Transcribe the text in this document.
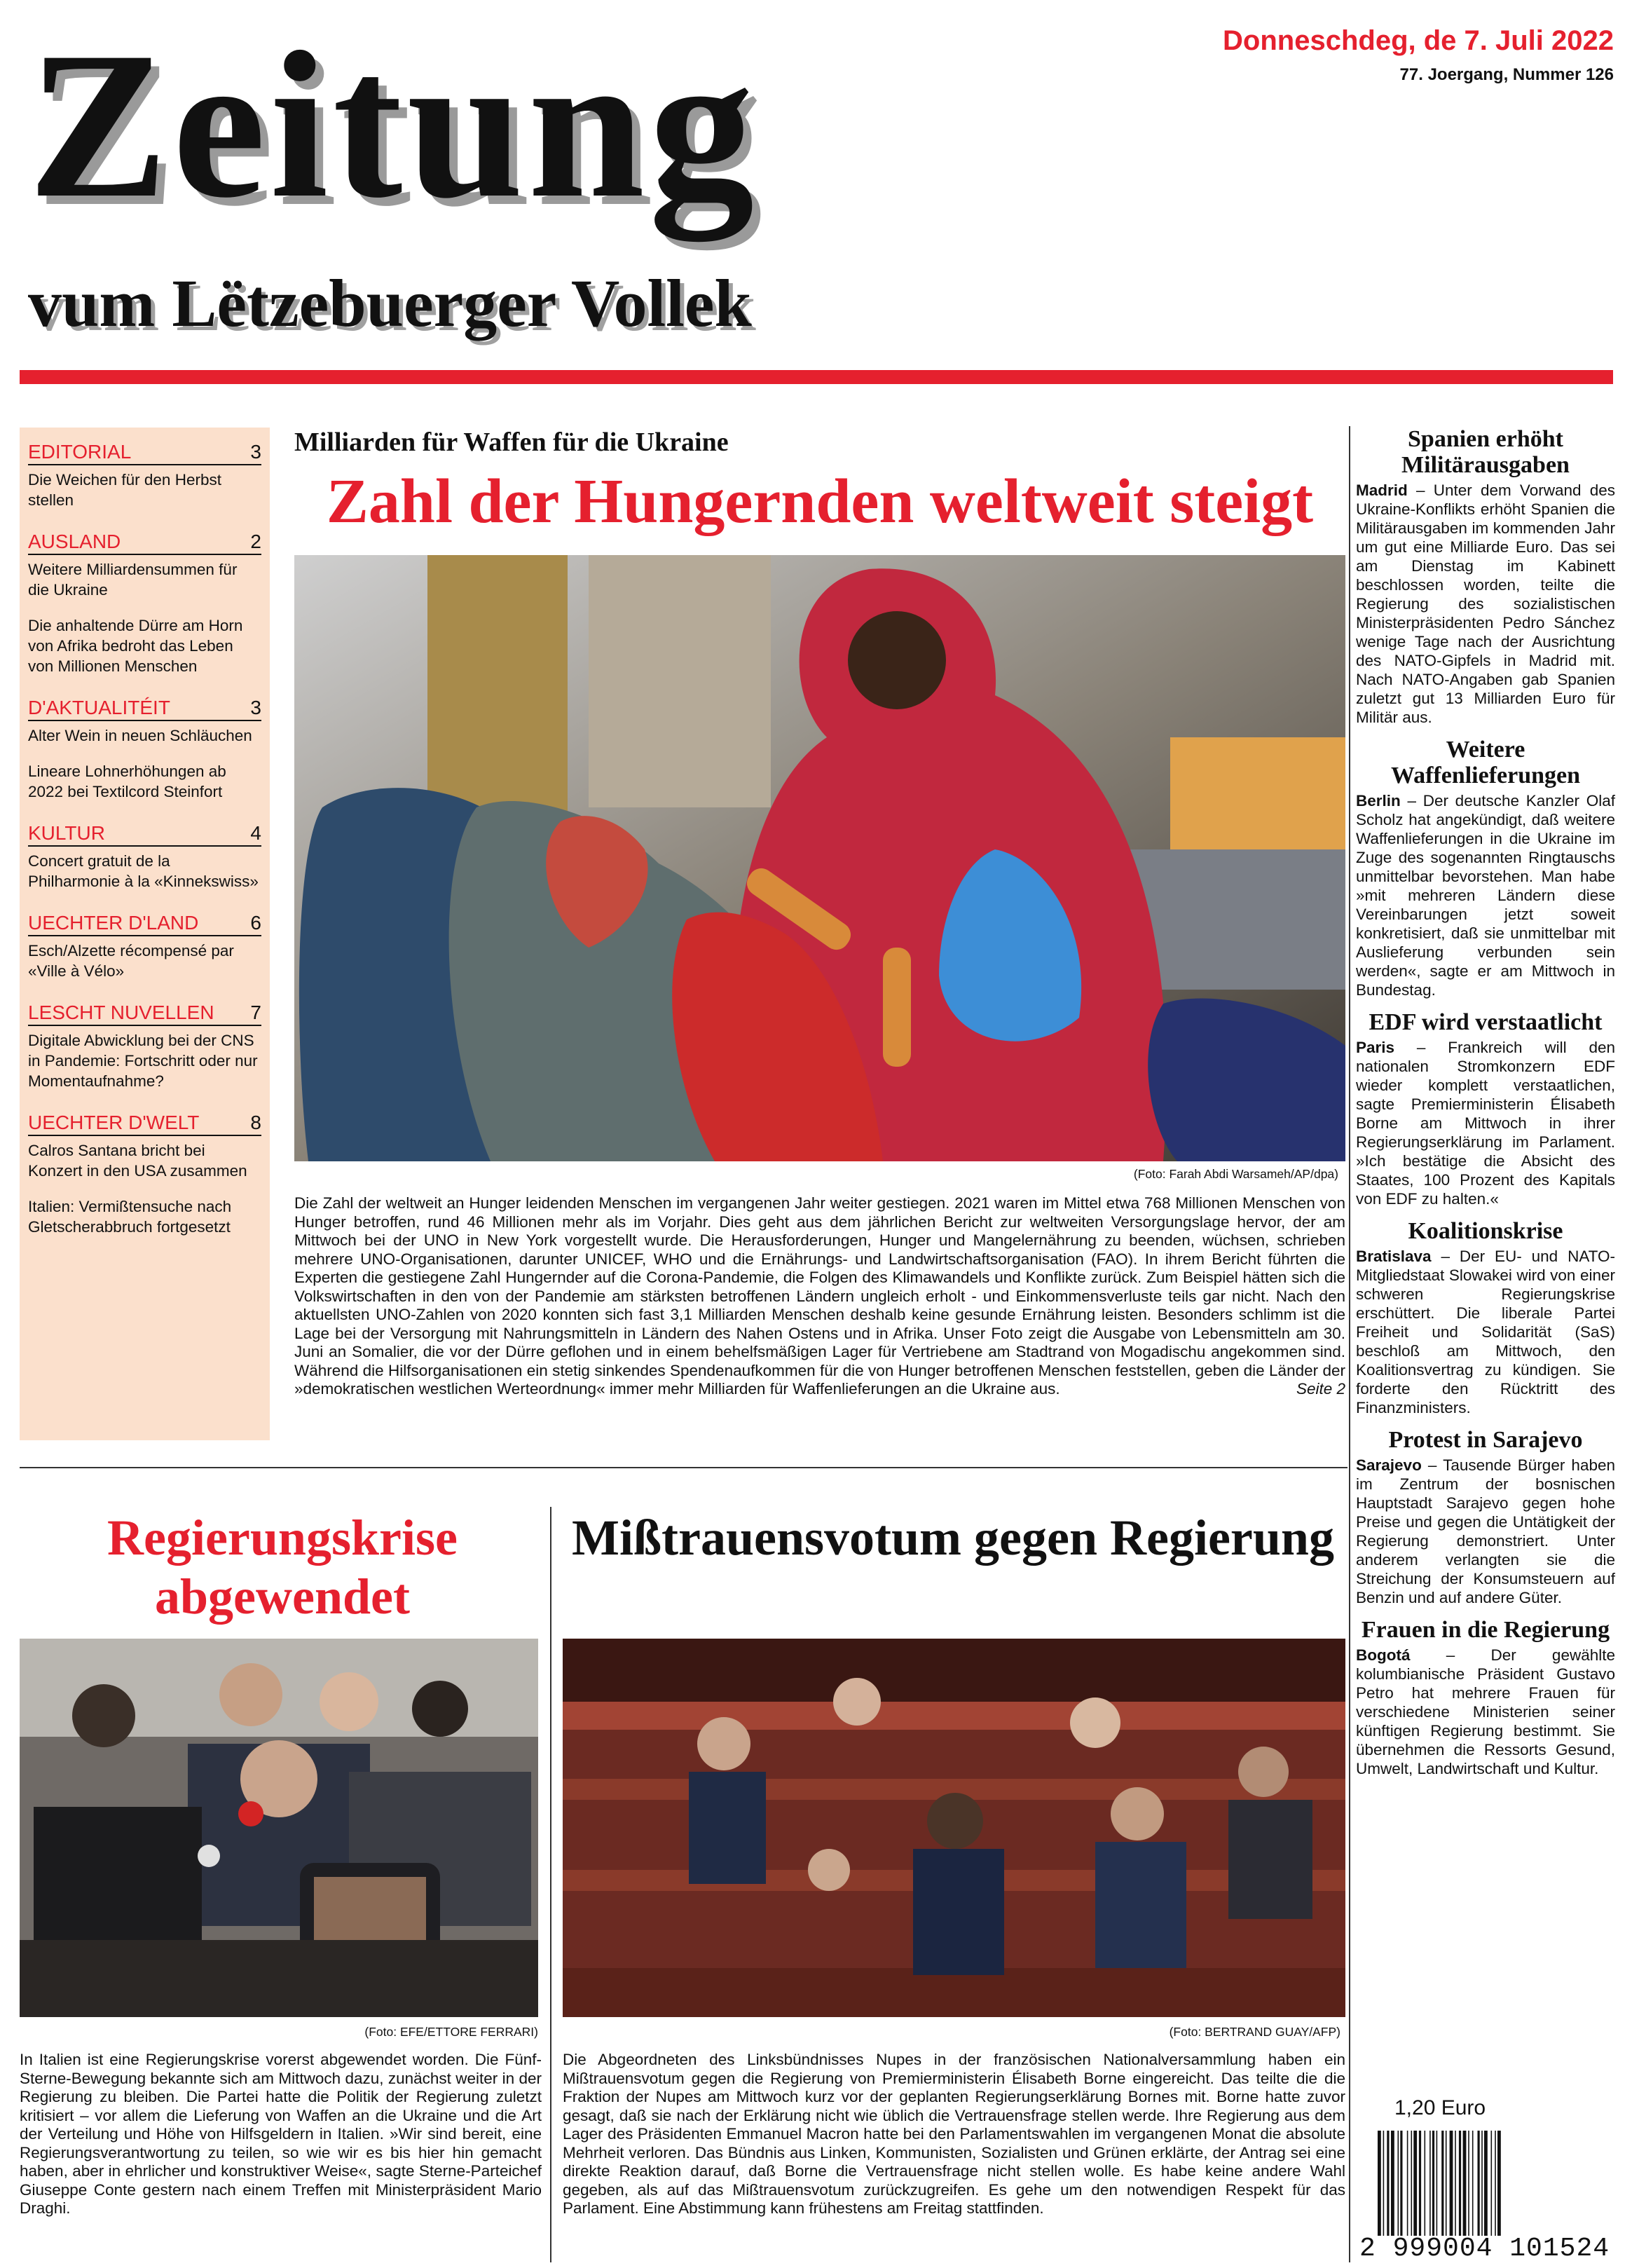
Zeitung
vum Lëtzebuerger Vollek
Donneschdeg, de 7. Juli 2022
77. Joergang, Nummer 126
EDITORIAL	3
Die Weichen für den Herbst stellen
AUSLAND	2
Weitere Milliardensummen für die Ukraine
Die anhaltende Dürre am Horn von Afrika bedroht das Leben von Millionen Menschen
D'AKTUALITÉIT	3
Alter Wein in neuen Schläuchen
Lineare Lohnerhöhungen ab 2022 bei Textilcord Steinfort
KULTUR	4
Concert gratuit de la Philharmonie à la «Kinnekswiss»
UECHTER D'LAND	6
Esch/Alzette récompensé par «Ville à Vélo»
LESCHT NUVELLEN 7
Digitale Abwicklung bei der CNS in Pandemie: Fortschritt oder nur Momentaufnahme?
UECHTER D'WELT	8
Calros Santana bricht bei Konzert in den USA zusammen
Italien: Vermißtensuche nach Gletscherabbruch fortgesetzt
Milliarden für Waffen für die Ukraine
Zahl der Hungernden weltweit steigt
(Foto: Farah Abdi Warsameh/AP/dpa)
Die Zahl der weltweit an Hunger leidenden Menschen im vergangenen Jahr weiter gestiegen. 2021 waren im Mittel etwa 768 Millionen Menschen von Hunger betroffen, rund 46 Millionen mehr als im Vorjahr. Dies geht aus dem jährlichen Bericht zur weltweiten Versorgungslage hervor, der am Mittwoch bei der UNO in New York vorgestellt wurde. Die Herausforderungen, Hunger und Mangelernährung zu beenden, wüchsen, schrieben mehrere UNO-Organisationen, darunter UNICEF, WHO und die Ernährungs- und Landwirtschaftsorganisation (FAO). In ihrem Bericht führten die Experten die gestiegene Zahl Hungernder auf die Corona-Pandemie, die Folgen des Klimawandels und Konflikte zurück. Zum Beispiel hätten sich die Volkswirtschaften in den von der Pandemie am stärksten betroffenen Ländern ungleich erholt - und Einkommensverluste teils gar nicht. Nach den aktuellsten UNO-Zahlen von 2020 konnten sich fast 3,1 Milliarden Menschen deshalb keine gesunde Ernährung leisten. Besonders schlimm ist die Lage bei der Versorgung mit Nahrungsmitteln in Ländern des Nahen Ostens und in Afrika. Unser Foto zeigt die Ausgabe von Lebensmitteln am 30. Juni an Somalier, die vor der Dürre geflohen und in einem behelfsmäßigen Lager für Vertriebene am Stadtrand von Mogadischu angekommen sind. Während die Hilfsorganisationen ein stetig sinkendes Spendenaufkommen für die von Hunger betroffenen Menschen feststellen, geben die Länder der »demokratischen westlichen Werteordnung« immer mehr Milliarden für Waffenlieferungen an die Ukraine aus.	Seite 2
Regierungskrise abgewendet
(Foto: EFE/ETTORE FERRARI)
In Italien ist eine Regierungskrise vorerst abgewendet worden. Die Fünf-Sterne-Bewegung bekannte sich am Mittwoch dazu, zunächst weiter in der Regierung zu bleiben. Die Partei hatte die Politik der Regierung zuletzt kritisiert – vor allem die Lieferung von Waffen an die Ukraine und die Art der Verteilung und Höhe von Hilfsgeldern in Italien. »Wir sind bereit, eine Regierungsverantwortung zu teilen, so wie wir es bis hier hin gemacht haben, aber in ehrlicher und konstruktiver Weise«, sagte Sterne-Parteichef Giuseppe Conte gestern nach einem Treffen mit Ministerpräsident Mario Draghi.
Mißtrauensvotum gegen Regierung
(Foto: BERTRAND GUAY/AFP)
Die Abgeordneten des Linksbündnisses Nupes in der französischen Nationalversammlung haben ein Mißtrauensvotum gegen die Regierung von Premierministerin Élisabeth Borne eingereicht. Das teilte die die Fraktion der Nupes am Mittwoch kurz vor der geplanten Regierungserklärung Bornes mit. Borne hatte zuvor gesagt, daß sie nach der Erklärung nicht wie üblich die Vertrauensfrage stellen werde. Ihre Regierung aus dem Lager des Präsidenten Emmanuel Macron hatte bei den Parlamentswahlen im vergangenen Monat die absolute Mehrheit verloren. Das Bündnis aus Linken, Kommunisten, Sozialisten und Grünen erklärte, der Antrag sei eine direkte Reaktion darauf, daß Borne die Vertrauensfrage nicht stellen wolle. Es habe keine andere Wahl gegeben, als auf das Mißtrauensvotum zurückzugreifen. Es gehe um den notwendigen Respekt für das Parlament. Eine Abstimmung kann frühestens am Freitag stattfinden.
Spanien erhöht Militärausgaben
Madrid – Unter dem Vorwand des Ukraine-Konflikts erhöht Spanien die Militärausgaben im kommenden Jahr um gut eine Milliarde Euro. Das sei am Dienstag im Kabinett beschlossen worden, teilte die Regierung des sozialistischen Ministerpräsidenten Pedro Sánchez wenige Tage nach der Ausrichtung des NATO-Gipfels in Madrid mit. Nach NATO-Angaben gab Spanien zuletzt gut 13 Milliarden Euro für Militär aus.
Weitere Waffenlieferungen
Berlin – Der deutsche Kanzler Olaf Scholz hat angekündigt, daß weitere Waffenlieferungen in die Ukraine im Zuge des sogenannten Ringtauschs unmittelbar bevorstehen. Man habe »mit mehreren Ländern diese Vereinbarungen jetzt soweit konkretisiert, daß sie unmittelbar mit Auslieferung verbunden sein werden«, sagte er am Mittwoch in Bundestag.
EDF wird verstaatlicht
Paris – Frankreich will den nationalen Stromkonzern EDF wieder komplett verstaatlichen, sagte Premierministerin Élisabeth Borne am Mittwoch in ihrer Regierungserklärung im Parlament. »Ich bestätige die Absicht des Staates, 100 Prozent des Kapitals von EDF zu halten.«
Koalitionskrise
Bratislava – Der EU- und NATO-Mitgliedstaat Slowakei wird von einer schweren Regierungskrise erschüttert. Die liberale Partei Freiheit und Solidarität (SaS) beschloß am Mittwoch, den Koalitionsvertrag zu kündigen. Sie forderte den Rücktritt des Finanzministers.
Protest in Sarajevo
Sarajevo – Tausende Bürger haben im Zentrum der bosnischen Hauptstadt Sarajevo gegen hohe Preise und gegen die Untätigkeit der Regierung demonstriert. Unter anderem verlangten sie die Streichung der Konsumsteuern auf Benzin und auf andere Güter.
Frauen in die Regierung
Bogotá – Der gewählte kolumbianische Präsident Gustavo Petro hat mehrere Frauen für verschiedene Ministerien seiner künftigen Regierung bestimmt. Sie übernehmen die Ressorts Gesund, Umwelt, Landwirtschaft und Kultur.
1,20 Euro
2 999004 101524
